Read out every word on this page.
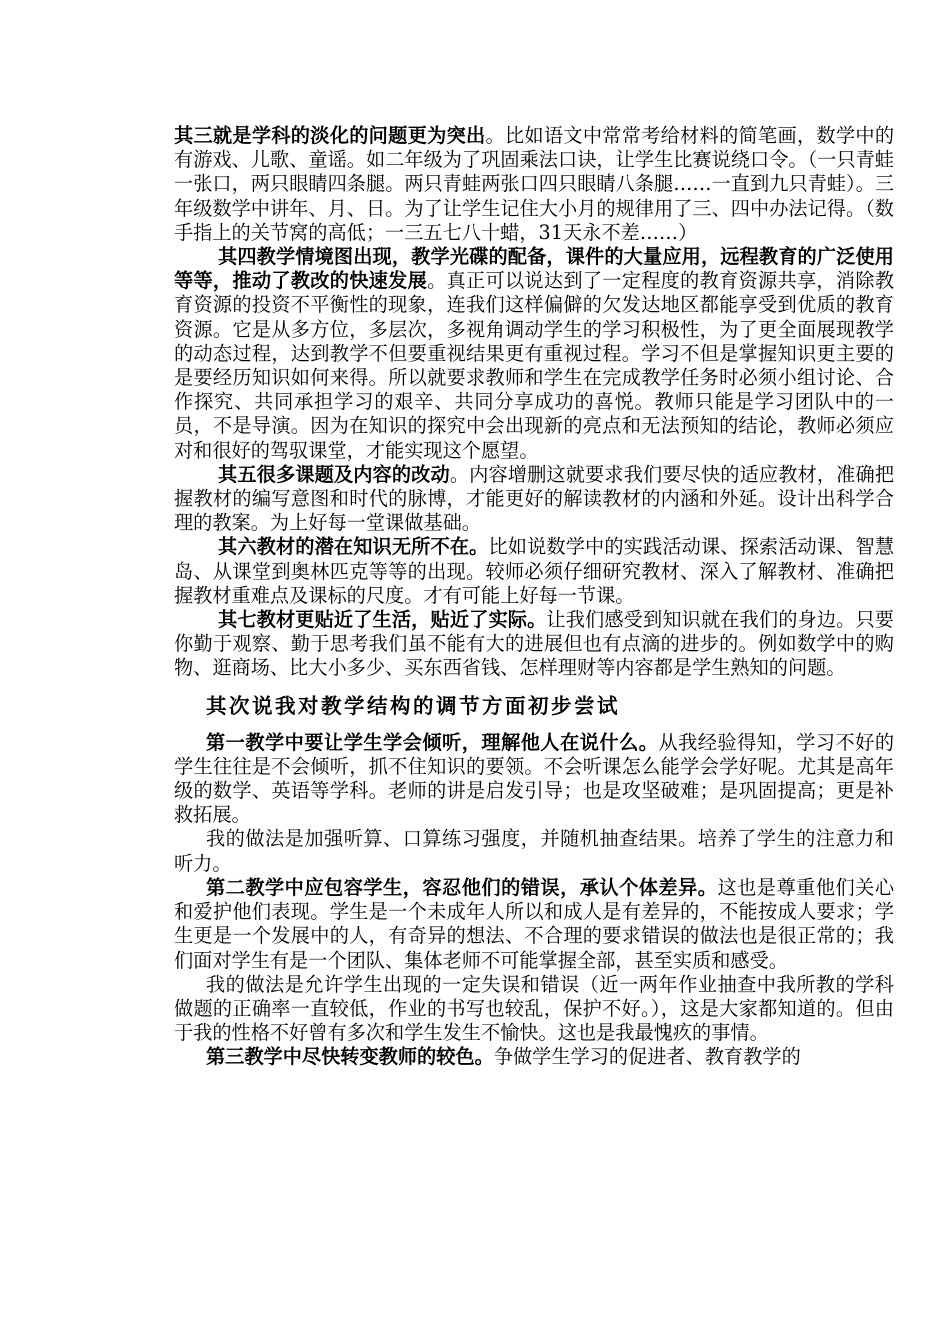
其三就是学科的淡化的问题更为突出。比如语文中常常考给材料的简笔画，数学中的有游戏、儿歌、童谣。如二年级为了巩固乘法口诀，让学生比赛说绕口令。（一只青蛙一张口，两只眼睛四条腿。两只青蛙两张口四只眼睛八条腿……一直到九只青蛙）。三年级数学中讲年、月、日。为了让学生记住大小月的规律用了三、四中办法记得。（数手指上的关节窝的高低；一三五七八十蜡，31天永不差……）

其四教学情境图出现，教学光碟的配备，课件的大量应用，远程教育的广泛使用等等，推动了教改的快速发展。真正可以说达到了一定程度的教育资源共享，消除教育资源的投资不平衡性的现象，连我们这样偏僻的欠发达地区都能享受到优质的教育资源。它是从多方位，多层次，多视角调动学生的学习积极性，为了更全面展现教学的动态过程，达到教学不但要重视结果更有重视过程。学习不但是掌握知识更主要的是要经历知识如何来得。所以就要求教师和学生在完成教学任务时必须小组讨论、合作探究、共同承担学习的艰辛、共同分享成功的喜悦。教师只能是学习团队中的一员，不是导演。因为在知识的探究中会出现新的亮点和无法预知的结论，教师必须应对和很好的驾驭课堂，才能实现这个愿望。

其五很多课题及内容的改动。内容增删这就要求我们要尽快的适应教材，准确把握教材的编写意图和时代的脉博，才能更好的解读教材的内涵和外延。设计出科学合理的教案。为上好每一堂课做基础。

其六教材的潜在知识无所不在。比如说数学中的实践活动课、探索活动课、智慧岛、从课堂到奥林匹克等等的出现。较师必须仔细研究教材、深入了解教材、准确把握教材重难点及课标的尺度。才有可能上好每一节课。

其七教材更贴近了生活，贴近了实际。让我们感受到知识就在我们的身边。只要你勤于观察、勤于思考我们虽不能有大的进展但也有点滴的进步的。例如数学中的购物、逛商场、比大小多少、买东西省钱、怎样理财等内容都是学生熟知的问题。

其次说我对教学结构的调节方面初步尝试

第一教学中要让学生学会倾听，理解他人在说什么。从我经验得知，学习不好的学生往往是不会倾听，抓不住知识的要领。不会听课怎么能学会学好呢。尤其是高年级的数学、英语等学科。老师的讲是启发引导；也是攻坚破难；是巩固提高；更是补救拓展。

我的做法是加强听算、口算练习强度，并随机抽查结果。培养了学生的注意力和听力。

第二教学中应包容学生，容忍他们的错误，承认个体差异。这也是尊重他们关心和爱护他们表现。学生是一个未成年人所以和成人是有差异的，不能按成人要求；学生更是一个发展中的人，有奇异的想法、不合理的要求错误的做法也是很正常的；我们面对学生有是一个团队、集体老师不可能掌握全部，甚至实质和感受。

我的做法是允许学生出现的一定失误和错误（近一两年作业抽查中我所教的学科做题的正确率一直较低，作业的书写也较乱，保护不好。），这是大家都知道的。但由于我的性格不好曾有多次和学生发生不愉快。这也是我最愧疚的事情。

第三教学中尽快转变教师的较色。争做学生学习的促进者、教育教学的
